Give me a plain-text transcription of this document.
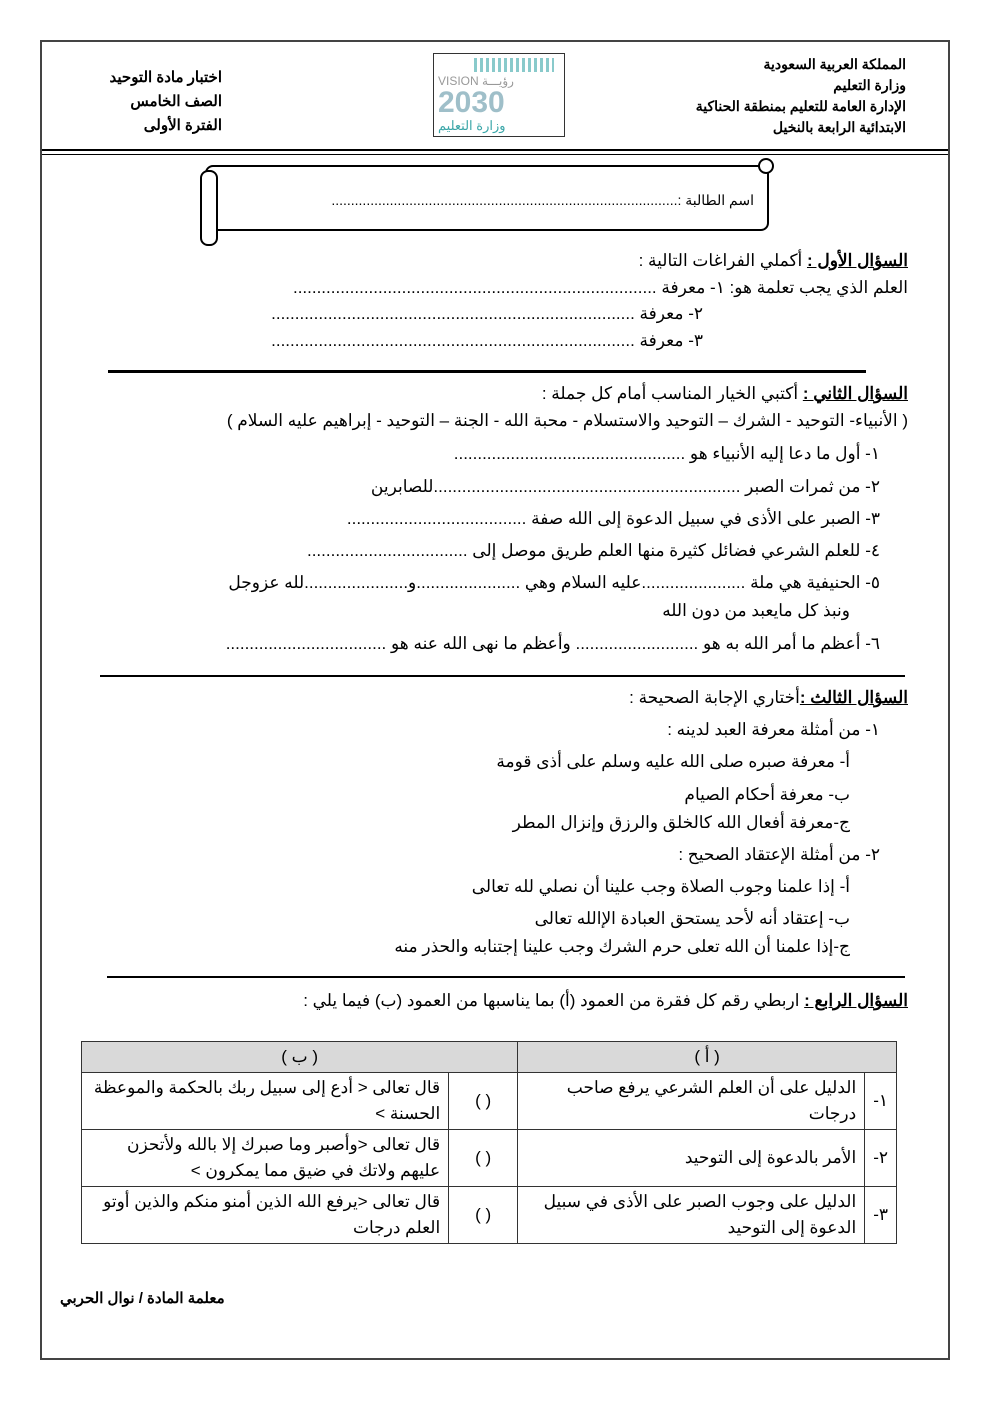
المملكة العربية السعودية
وزارة التعليم
الإدارة العامة للتعليم بمنطقة الحناكية
الابتدائية الرابعة بالنخيل
اختبار مادة التوحيد
الصف الخامس
الفترة الأولى
VISION رؤيـــة
2030
وزارة التعليم
اسم الطالبة :.........................................................................................
السؤال الأول : أكملي الفراغات التالية :
العلم الذي يجب تعلمة هو: ١- معرفة .............................................................................
٢- معرفة .............................................................................
٣- معرفة .............................................................................
السؤال الثاني : أكتبي الخيار المناسب أمام كل جملة :
( الأنبياء- التوحيد - الشرك – التوحيد والاستسلام - محبة الله - الجنة – التوحيد - إبراهيم عليه السلام )
١- أول ما دعا إليه الأنبياء هو .................................................
٢- من ثمرات الصبر .................................................................للصابرين
٣- الصبر على الأذى في سبيل الدعوة إلى الله صفة ......................................
٤- للعلم الشرعي فضائل كثيرة منها العلم طريق موصل إلى ..................................
٥- الحنيفية هي ملة ......................عليه السلام وهي ......................و......................لله عزوجل
ونبذ كل مايعبد من دون الله
٦- أعظم ما أمر الله به هو .......................... وأعظم ما نهى الله عنه هو ..................................
السؤال الثالث :أختاري الإجابة الصحيحة :
١- من أمثلة معرفة العبد لدينه :
أ- معرفة صبره صلى الله عليه وسلم على أذى قومة
ب- معرفة أحكام الصيام
ج-معرفة أفعال الله كالخلق والرزق وإنزال المطر
٢- من أمثلة الإعتقاد الصحيح :
أ- إذا علمنا وجوب الصلاة وجب علينا أن نصلي لله تعالى
ب- إعتقاد أنه لأحد يستحق العبادة الإالله تعالى
ج-إذا علمنا أن الله تعلى حرم الشرك وجب علينا إجتنابه والحذر منه
السؤال الرابع : اربطي رقم كل فقرة من العمود (أ) بما يناسبها من العمود (ب) فيما يلي :
( أ )		( ب )	
١-	الدليل على أن العلم الشرعي يرفع صاحب درجات	( )	قال تعالى < أدع إلى سبيل ربك بالحكمة والموعظة الحسنة >
٢-	الأمر بالدعوة إلى التوحيد	( )	قال تعالى <وأصبر وما صبرك إلا بالله ولأتحزن عليهم ولاتك في ضيق مما يمكرون >
٣-	الدليل على وجوب الصبر على الأذى في سبيل الدعوة إلى التوحيد	( )	قال تعالى <يرفع الله الذين أمنو منكم والذين أوتو العلم درجات
معلمة المادة / نوال الحربي
